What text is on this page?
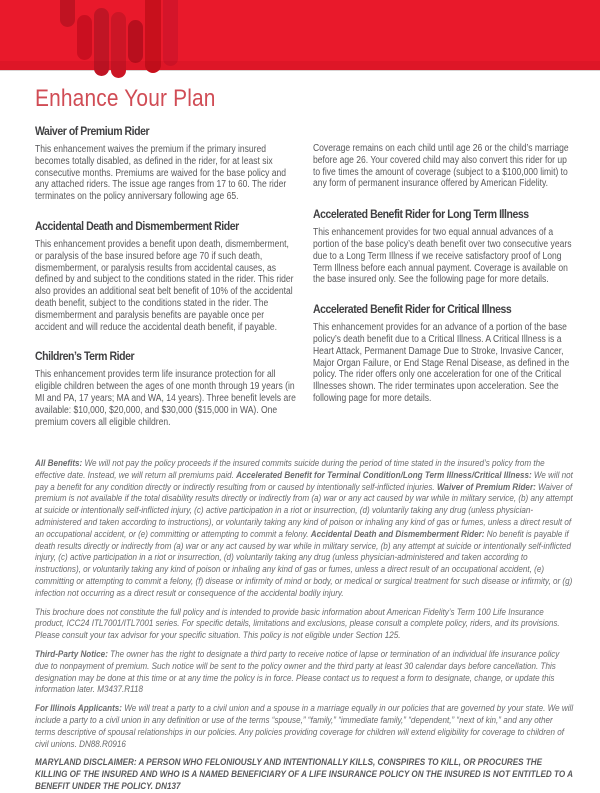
Enhance Your Plan
Waiver of Premium Rider

This enhancement waives the premium if the primary insured becomes totally disabled, as defined in the rider, for at least six consecutive months. Premiums are waived for the base policy and any attached riders. The issue age ranges from 17 to 60. The rider terminates on the policy anniversary following age 65.

Accidental Death and Dismemberment Rider

This enhancement provides a benefit upon death, dismemberment, or paralysis of the base insured before age 70 if such death, dismemberment, or paralysis results from accidental causes, as defined by and subject to the conditions stated in the rider. This rider also provides an additional seat belt benefit of 10% of the accidental death benefit, subject to the conditions stated in the rider. The dismemberment and paralysis benefits are payable once per accident and will reduce the accidental death benefit, if payable.

Children’s Term Rider

This enhancement provides term life insurance protection for all eligible children between the ages of one month through 19 years (in MI and PA, 17 years; MA and WA, 14 years). Three benefit levels are available: $10,000, $20,000, and $30,000 ($15,000 in WA). One premium covers all eligible children.

Coverage remains on each child until age 26 or the child’s marriage before age 26. Your covered child may also convert this rider for up to five times the amount of coverage (subject to a $100,000 limit) to any form of permanent insurance offered by American Fidelity.

Accelerated Benefit Rider for Long Term Illness

This enhancement provides for two equal annual advances of a portion of the base policy’s death benefit over two consecutive years due to a Long Term Illness if we receive satisfactory proof of Long Term Illness before each annual payment. Coverage is available on the base insured only. See the following page for more details.

Accelerated Benefit Rider for Critical Illness

This enhancement provides for an advance of a portion of the base policy’s death benefit due to a Critical Illness. A Critical Illness is a Heart Attack, Permanent Damage Due to Stroke, Invasive Cancer, Major Organ Failure, or End Stage Renal Disease, as defined in the policy. The rider offers only one acceleration for one of the Critical Illnesses shown. The rider terminates upon acceleration. See the following page for more details.

All Benefits: We will not pay the policy proceeds if the insured commits suicide during the period of time stated in the insured’s policy from the effective date. Instead, we will return all premiums paid. Accelerated Benefit for Terminal Condition/Long Term Illness/Critical Illness: We will not pay a benefit for any condition directly or indirectly resulting from or caused by intentionally self-inflicted injuries. Waiver of Premium Rider: Waiver of premium is not available if the total disability results directly or indirectly from (a) war or any act caused by war while in military service, (b) any attempt at suicide or intentionally self-inflicted injury, (c) active participation in a riot or insurrection, (d) voluntarily taking any drug (unless physician-administered and taken according to instructions), or voluntarily taking any kind of poison or inhaling any kind of gas or fumes, unless a direct result of an occupational accident, or (e) committing or attempting to commit a felony. Accidental Death and Dismemberment Rider: No benefit is payable if death results directly or indirectly from (a) war or any act caused by war while in military service, (b) any attempt at suicide or intentionally self-inflicted injury, (c) active participation in a riot or insurrection, (d) voluntarily taking any drug (unless physician-administered and taken according to instructions), or voluntarily taking any kind of poison or inhaling any kind of gas or fumes, unless a direct result of an occupational accident, (e) committing or attempting to commit a felony, (f) disease or infirmity of mind or body, or medical or surgical treatment for such disease or infirmity, or (g) infection not occurring as a direct result or consequence of the accidental bodily injury.

This brochure does not constitute the full policy and is intended to provide basic information about American Fidelity’s Term 100 Life Insurance product, ICC24 ITL7001/ITL7001 series. For specific details, limitations and exclusions, please consult a complete policy, riders, and its provisions. Please consult your tax advisor for your specific situation. This policy is not eligible under Section 125.

Third-Party Notice: The owner has the right to designate a third party to receive notice of lapse or termination of an individual life insurance policy due to nonpayment of premium. Such notice will be sent to the policy owner and the third party at least 30 calendar days before cancellation. This designation may be done at this time or at any time the policy is in force. Please contact us to request a form to designate, change, or update this information later. M3437.R118

For Illinois Applicants: We will treat a party to a civil union and a spouse in a marriage equally in our policies that are governed by your state. We will include a party to a civil union in any definition or use of the terms “spouse,” “family,” “immediate family,” “dependent,” “next of kin,” and any other terms descriptive of spousal relationships in our policies. Any policies providing coverage for children will extend eligibility for coverage to children of civil unions. DN88.R0916

MARYLAND DISCLAIMER: A PERSON WHO FELONIOUSLY AND INTENTIONALLY KILLS, CONSPIRES TO KILL, OR PROCURES THE KILLING OF THE INSURED AND WHO IS A NAMED BENEFICIARY OF A LIFE INSURANCE POLICY ON THE INSURED IS NOT ENTITLED TO A BENEFIT UNDER THE POLICY. DN137
